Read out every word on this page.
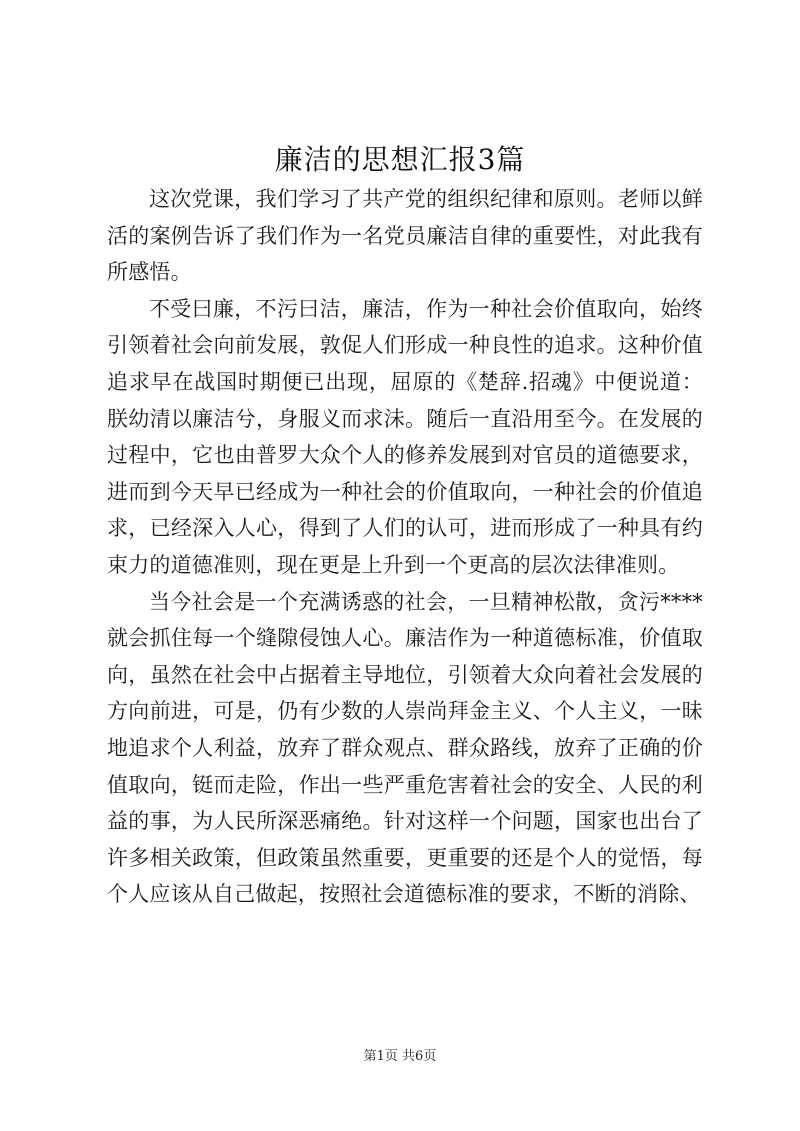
廉洁的思想汇报3篇

这次党课，我们学习了共产党的组织纪律和原则。老师以鲜活的案例告诉了我们作为一名党员廉洁自律的重要性，对此我有所感悟。

不受曰廉，不污曰洁，廉洁，作为一种社会价值取向，始终引领着社会向前发展，敦促人们形成一种良性的追求。这种价值追求早在战国时期便已出现，屈原的《楚辞.招魂》中便说道：朕幼清以廉洁兮，身服义而求沬。随后一直沿用至今。在发展的过程中，它也由普罗大众个人的修养发展到对官员的道德要求，进而到今天早已经成为一种社会的价值取向，一种社会的价值追求，已经深入人心，得到了人们的认可，进而形成了一种具有约束力的道德准则，现在更是上升到一个更高的层次法律准则。

当今社会是一个充满诱惑的社会，一旦精神松散，贪污****就会抓住每一个缝隙侵蚀人心。廉洁作为一种道德标准，价值取向，虽然在社会中占据着主导地位，引领着大众向着社会发展的方向前进，可是，仍有少数的人崇尚拜金主义、个人主义，一昧地追求个人利益，放弃了群众观点、群众路线，放弃了正确的价值取向，铤而走险，作出一些严重危害着社会的安全、人民的利益的事，为人民所深恶痛绝。针对这样一个问题，国家也出台了许多相关政策，但政策虽然重要，更重要的还是个人的觉悟，每个人应该从自己做起，按照社会道德标准的要求，不断的消除、

第1页 共6页
